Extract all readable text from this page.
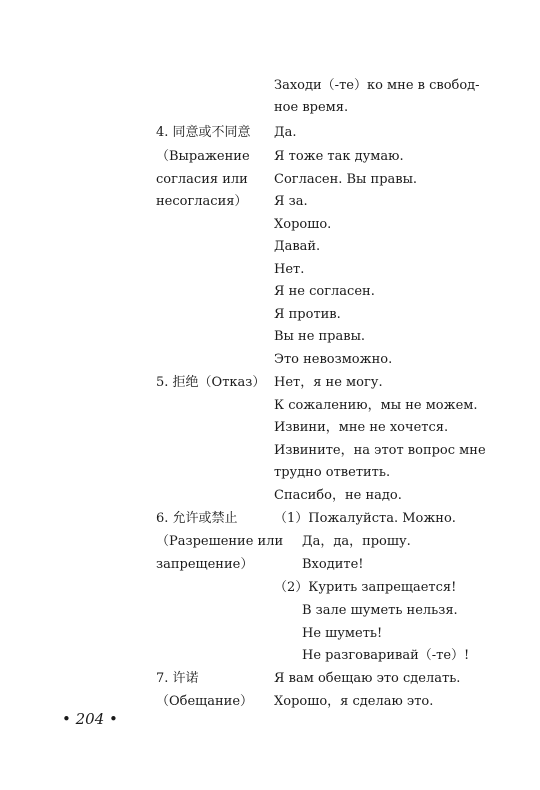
Заходи（-те）ко мне в свобод-
ное время.
4. 同意或不同意
（Выражение
согласия или
несогласия）
Да.
Я тоже так думаю.
Согласен. Вы правы.
Я за.
Хорошо.
Давай.
Нет.
Я не согласен.
Я против.
Вы не правы.
Это невозможно.
5. 拒绝（Отказ） Нет，я не могу.
К сожалению，мы не можем.
Извини，мне не хочется.
Извините，на этот вопрос мне
трудно ответить.
Спасибо，не надо.
6. 允许或禁止
（Разрешение или
запрещение）
（1）Пожалуйста. Можно.
Да，да，прошу.
Входите!
（2）Курить запрещается!
В зале шуметь нельзя.
Не шуметь!
Не разговаривай（-те）!
7. 许诺
（Обещание）
Я вам обещаю это сделать.
Хорошо，я сделаю это.
• 204 •
